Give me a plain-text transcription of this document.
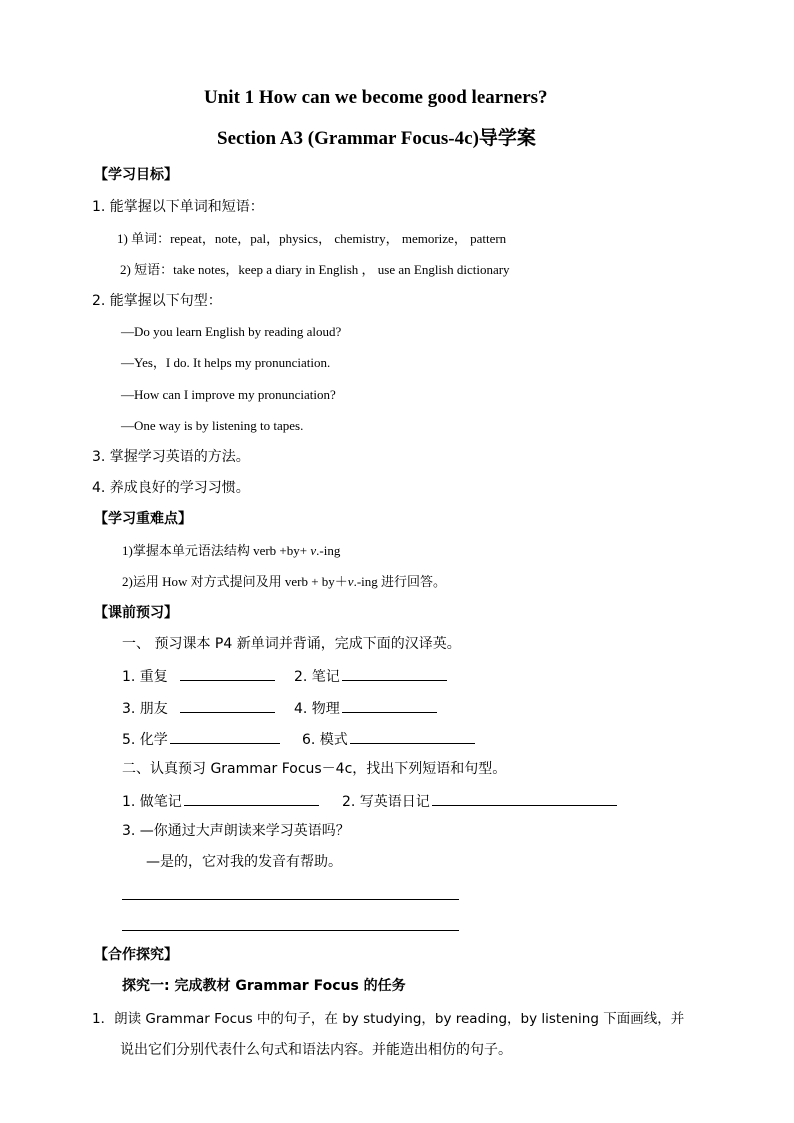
Unit 1 How can we become good learners?
Section A3 (Grammar Focus-4c)导学案
【学习目标】
1. 能掌握以下单词和短语：
1) 单词：repeat，note，pal，physics， chemistry， memorize， pattern
2) 短语：take notes，keep a diary in English ， use an English dictionary
2. 能掌握以下句型：
—Do you learn English by reading aloud?
—Yes，I do. It helps my pronunciation.
—How can I improve my pronunciation?
—One way is by listening to tapes.
3. 掌握学习英语的方法。
4. 养成良好的学习习惯。
【学习重难点】
1)掌握本单元语法结构 verb +by+ v.-ing
2)运用 How 对方式提问及用 verb + by＋v.-ing 进行回答。
【课前预习】
一、 预习课本 P4 新单词并背诵，完成下面的汉译英。
1. 重复	2. 笔记
3. 朋友	4. 物理
5. 化学	6. 模式
二、认真预习 Grammar Focus－4c，找出下列短语和句型。
1. 做笔记	2. 写英语日记
3. —你通过大声朗读来学习英语吗？
—是的，它对我的发音有帮助。
【合作探究】
探究一: 完成教材 Grammar Focus 的任务
1．朗读 Grammar Focus 中的句子，在 by studying，by reading，by listening 下面画线，并
说出它们分别代表什么句式和语法内容。并能造出相仿的句子。
